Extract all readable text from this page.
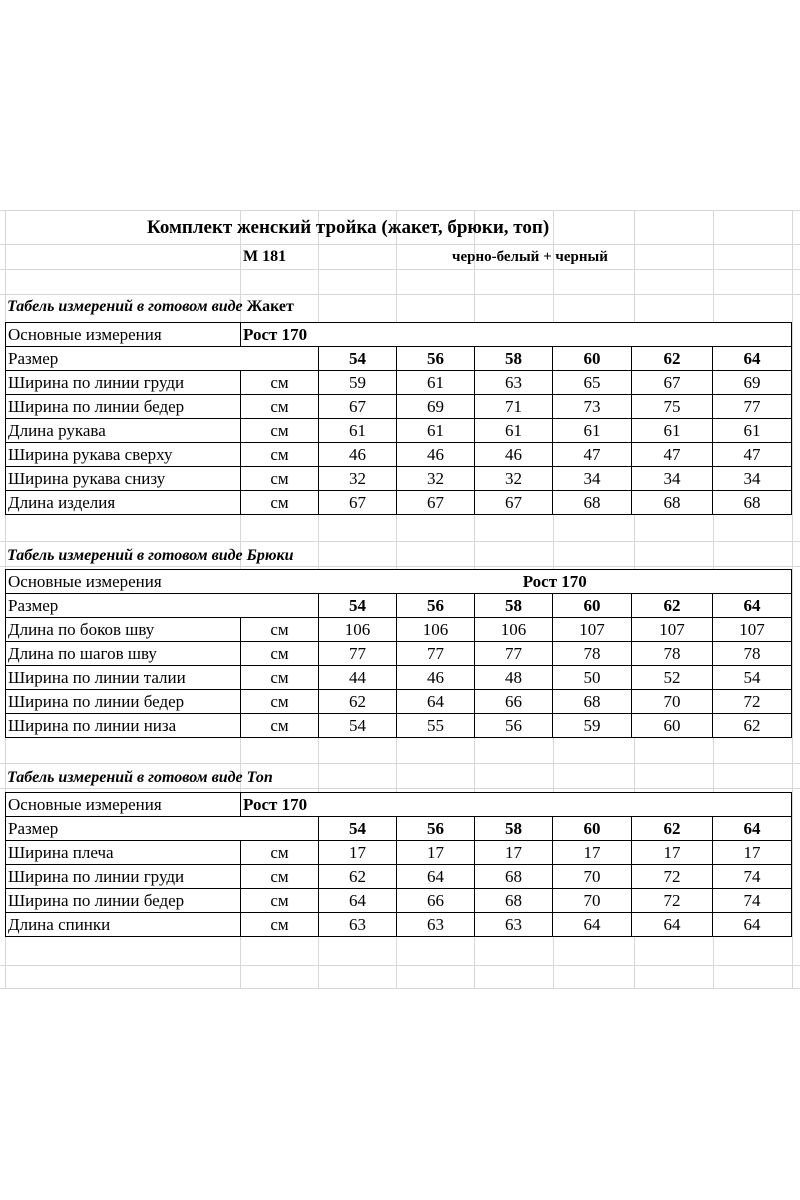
Комплект женский тройка (жакет, брюки, топ)
М 181	черно-белый + черный
Табель измерений в готовом виде Жакет
Основные измерения	Рост 170						
Размер		54	56	58	60	62	64
Ширина по линии груди	см	59	61	63	65	67	69
Ширина по линии бедер	см	67	69	71	73	75	77
Длина рукава	см	61	61	61	61	61	61
Ширина рукава сверху	см	46	46	46	47	47	47
Ширина рукава снизу	см	32	32	32	34	34	34
Длина изделия	см	67	67	67	68	68	68
Табель измерений в готовом виде Брюки
Основные измерения		Рост 170					
Размер		54	56	58	60	62	64
Длина по боков шву	см	106	106	106	107	107	107
Длина по шагов шву	см	77	77	77	78	78	78
Ширина по линии талии	см	44	46	48	50	52	54
Ширина по линии бедер	см	62	64	66	68	70	72
Ширина по линии низа	см	54	55	56	59	60	62
Табель измерений в готовом виде Топ
Основные измерения	Рост 170						
Размер		54	56	58	60	62	64
Ширина плеча	см	17	17	17	17	17	17
Ширина по линии груди	см	62	64	68	70	72	74
Ширина по линии бедер	см	64	66	68	70	72	74
Длина спинки	см	63	63	63	64	64	64
